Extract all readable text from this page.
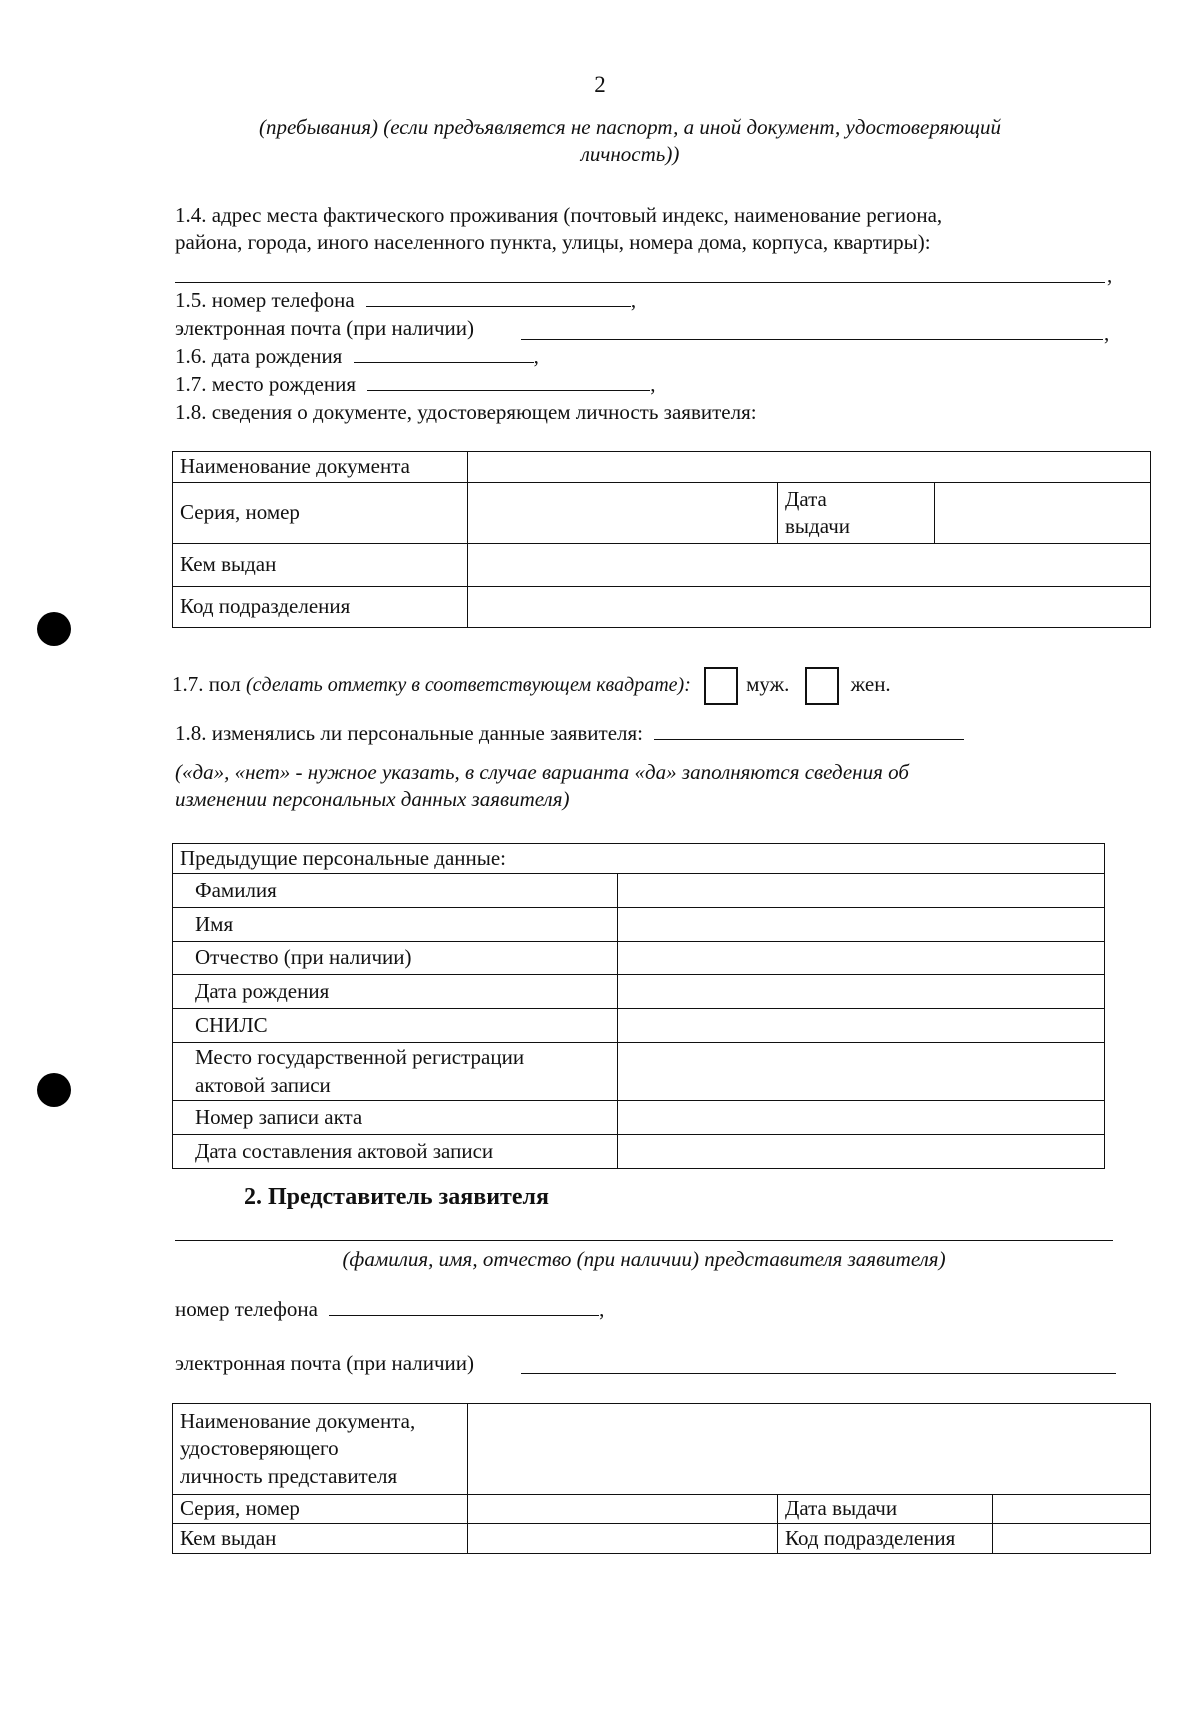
2
(пребывания) (если предъявляется не паспорт, а иной документ, удостоверяющий
личность))
1.4. адрес места фактического проживания (почтовый индекс, наименование региона,
района, города, иного населенного пункта, улицы, номера дома, корпуса, квартиры):
,
1.5. номер телефона	,
электронная почта (при наличии)	,
1.6. дата рождения	,
1.7. место рождения	,
1.8. сведения о документе, удостоверяющем личность заявителя:
Наименование документа			
Серия, номер		Дата
выдачи	

Кем выдан			
Код подразделения			
1.7. пол (сделать отметку в соответствующем квадрате):	муж.	жен.
1.8. изменялись ли персональные данные заявителя:
(«да», «нет» - нужное указать, в случае варианта «да» заполняются сведения об
изменении персональных данных заявителя)
Предыдущие персональные данные:	
Фамилия	
Имя	
Отчество (при наличии)	
Дата рождения	
СНИЛС	

Место государственной регистрации
актовой записи	

Номер записи акта	
Дата составления актовой записи	
2. Представитель заявителя
(фамилия, имя, отчество (при наличии) представителя заявителя)
номер телефона	,
электронная почта (при наличии)
Наименование документа,
удостоверяющего
личность представителя			

Серия, номер		Дата выдачи	
Кем выдан		Код подразделения	
